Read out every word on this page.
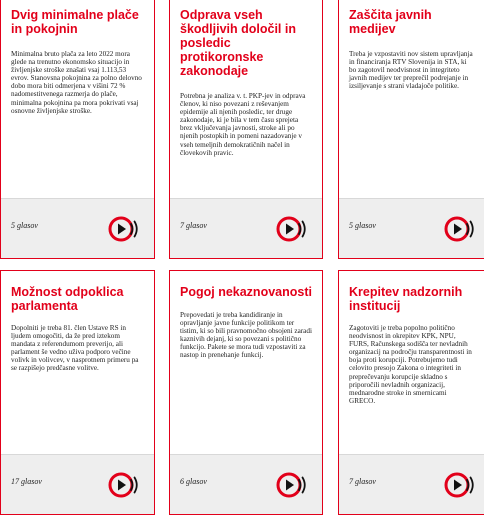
Dvig minimalne plače in pokojnin

Minimalna bruto plača za leto 2022 mora glede na trenutno ekonomsko situacijo in življenjske stroške znašati vsaj 1.113,53 evrov. Stanovsna pokojnina za polno delovno dobo mora biti odmerjena v višini 72 % nadomestitvenega razmerja do plače, minimalna pokojnina pa mora pokrivati vsaj osnovne življenjske stroške.

5 glasov
Odprava vseh škodljivih določil in posledic protikoronske zakonodaje

Potrebna je analiza v. t. PKP-jev in odprava členov, ki niso povezani z reševanjem epidemije ali njenih posledic, ter druge zakonodaje, ki je bila v tem času sprejeta brez vključevanja javnosti, stroke ali po njenih postopkih in pomeni nazadovanje v vseh temeljnih demokratičnih načel in človekovih pravic.

7 glasov
Zaščita javnih medijev

Treba je vzpostaviti nov sistem upravljanja in financiranja RTV Slovenija in STA, ki bo zagotovil neodvisnost in integriteto javnih medijev ter preprečil podrejanje in izsiljevanje s strani vladajoče politike.

5 glasov
Možnost odpoklica parlamenta

Dopolniti je treba 81. člen Ustave RS in ljudem omogočiti, da že pred iztekom mandata z referendumom preverijo, ali parlament še vedno uživa podporo večine volivk in volivcev, v nasprotnem primeru pa se razpišejo predčasne volitve.

17 glasov
Pogoj nekaznovanosti

Prepovedati je treba kandidiranje in opravljanje javne funkcije politikom ter tistim, ki so bili pravnomočno obsojeni zaradi kaznivih dejanj, ki so povezani s politično funkcijo. Pakete se mora tudi vzpostaviti za nastop in prenehanje funkcij.

6 glasov
Krepitev nadzornih institucij

Zagotoviti je treba popolno politično neodvisnost in okrepitev KPK, NPU, FURS, Računskega sodišča ter nevladnih organizacij na področju transparentnosti in boja proti korupciji. Potrebujemo tudi celovito presojo Zakona o integriteti in preprečevanju korupcije skladno s priporočili nevladnih organizacij, mednarodne stroke in smernicami GRECO.

7 glasov
